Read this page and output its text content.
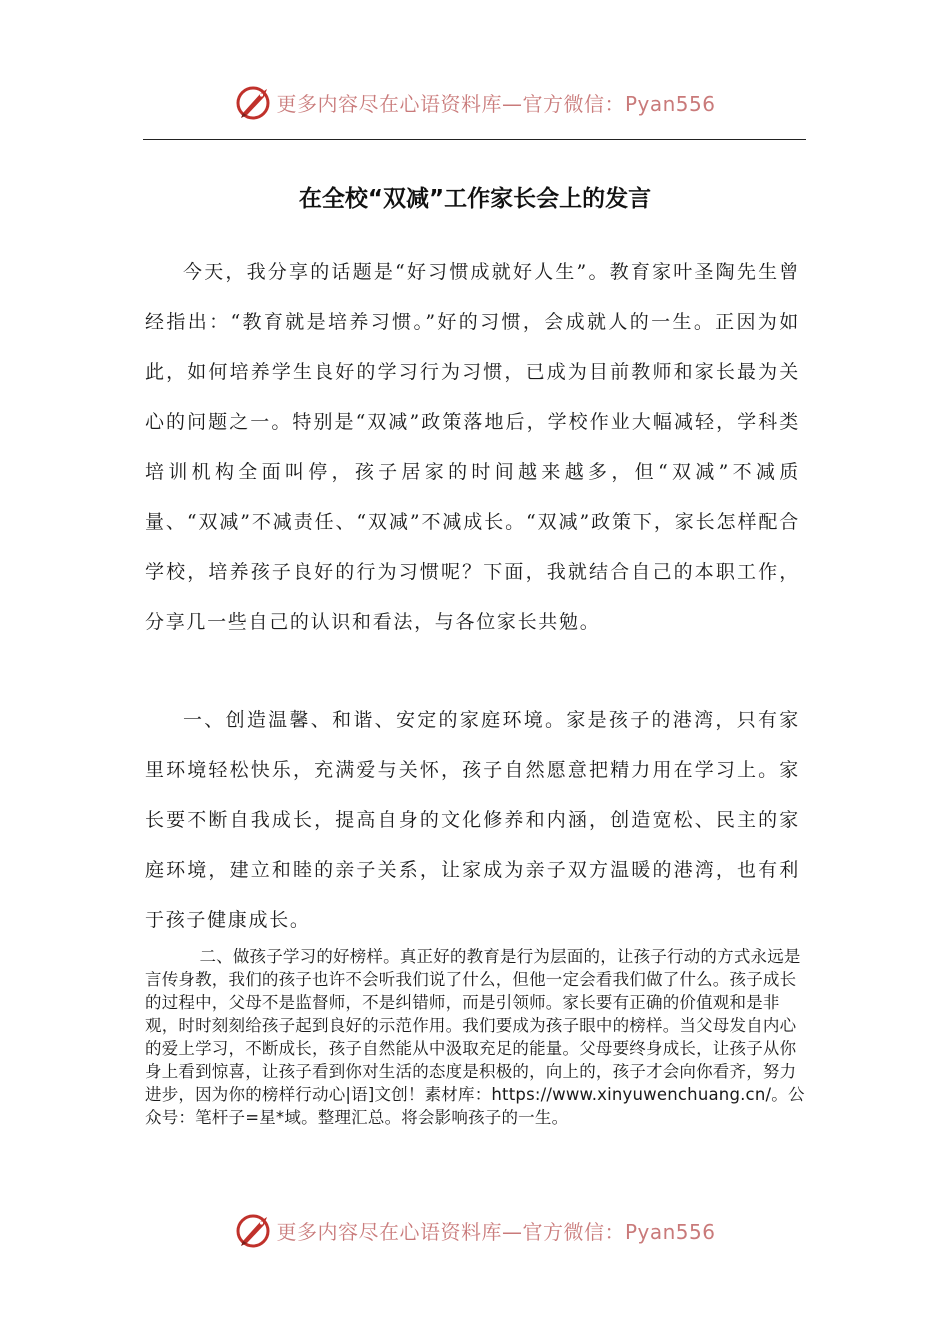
更多内容尽在心语资料库—官方微信：Pyan556
在全校“双减”工作家长会上的发言

今天，我分享的话题是“好习惯成就好人生”。教育家叶圣陶先生曾经指出：“教育就是培养习惯。”好的习惯，会成就人的一生。正因为如此，如何培养学生良好的学习行为习惯，已成为目前教师和家长最为关心的问题之一。特别是“双减”政策落地后，学校作业大幅减轻，学科类培训机构全面叫停，孩子居家的时间越来越多，但“双减”不减质量、“双减”不减责任、“双减”不减成长。“双减”政策下，家长怎样配合学校，培养孩子良好的行为习惯呢？下面，我就结合自己的本职工作，分享几一些自己的认识和看法，与各位家长共勉。

一、创造温馨、和谐、安定的家庭环境。家是孩子的港湾，只有家里环境轻松快乐，充满爱与关怀，孩子自然愿意把精力用在学习上。家长要不断自我成长，提高自身的文化修养和内涵，创造宽松、民主的家庭环境，建立和睦的亲子关系，让家成为亲子双方温暖的港湾，也有利于孩子健康成长。

二、做孩子学习的好榜样。真正好的教育是行为层面的，让孩子行动的方式永远是言传身教，我们的孩子也许不会听我们说了什么，但他一定会看我们做了什么。孩子成长的过程中，父母不是监督师，不是纠错师，而是引领师。家长要有正确的价值观和是非观，时时刻刻给孩子起到良好的示范作用。我们要成为孩子眼中的榜样。当父母发自内心的爱上学习，不断成长，孩子自然能从中汲取充足的能量。父母要终身成长，让孩子从你身上看到惊喜，让孩子看到你对生活的态度是积极的，向上的，孩子才会向你看齐，努力进步，因为你的榜样行动心|语]文创！素材库：https://www.xinyuwenchuang.cn/。公众号：笔杆子=星*域。整理汇总。将会影响孩子的一生。

更多内容尽在心语资料库—官方微信：Pyan556
